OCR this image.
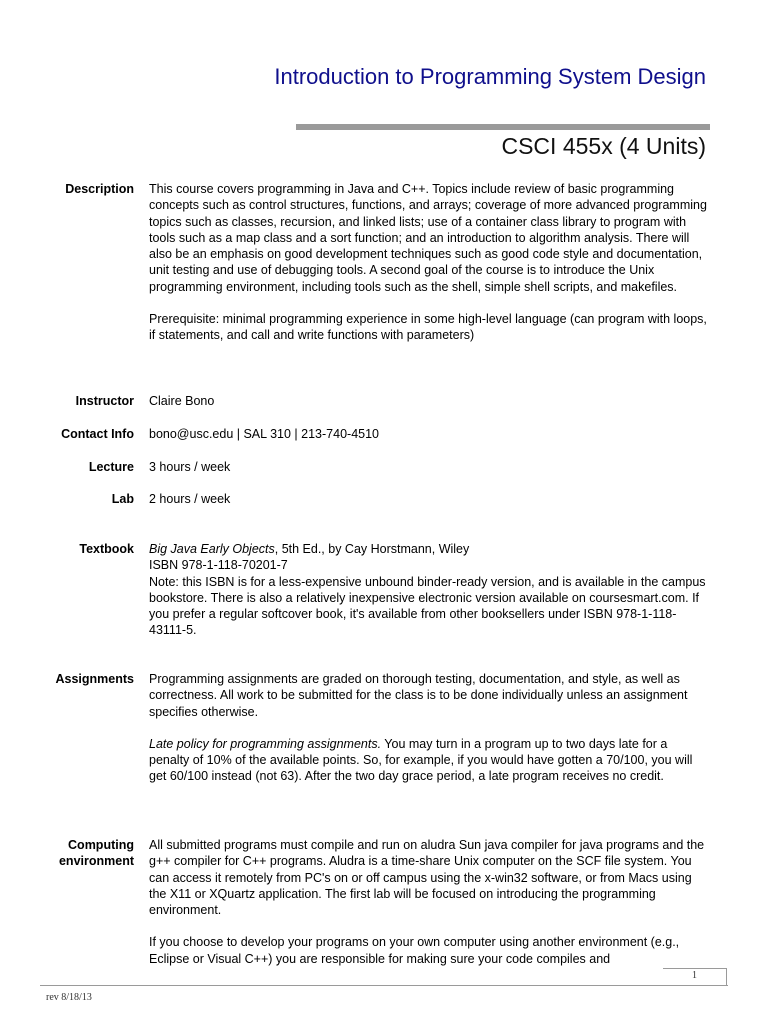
Introduction to Programming System Design
CSCI 455x (4 Units)
Description This course covers programming in Java and C++. Topics include review of basic programming concepts such as control structures, functions, and arrays; coverage of more advanced programming topics such as classes, recursion, and linked lists; use of a container class library to program with tools such as a map class and a sort function; and an introduction to algorithm analysis. There will also be an emphasis on good development techniques such as good code style and documentation, unit testing and use of debugging tools. A second goal of the course is to introduce the Unix programming environment, including tools such as the shell, simple shell scripts, and makefiles.

Prerequisite: minimal programming experience in some high-level language (can program with loops, if statements, and call and write functions with parameters)

Instructor Claire Bono
Contact Info bono@usc.edu | SAL 310 | 213-740-4510
Lecture 3 hours / week
Lab 2 hours / week
Textbook Big Java Early Objects, 5th Ed., by Cay Horstmann, Wiley

ISBN 978-1-118-70201-7
Note: this ISBN is for a less-expensive unbound binder-ready version, and is available in the campus bookstore. There is also a relatively inexpensive electronic version available on coursesmart.com. If you prefer a regular softcover book, it's available from other booksellers under ISBN 978-1-118-43111-5.
Assignments Programming assignments are graded on thorough testing, documentation, and style, as well as correctness. All work to be submitted for the class is to be done individually unless an assignment specifies otherwise.

Late policy for programming assignments. You may turn in a program up to two days late for a penalty of 10% of the available points. So, for example, if you would have gotten a 70/100, you will get 60/100 instead (not 63). After the two day grace period, a late program receives no credit.

Computing
environment

All submitted programs must compile and run on aludra Sun java compiler for java programs and the g++ compiler for C++ programs. Aludra is a time-share Unix computer on the SCF file system. You can access it remotely from PC's on or off campus using the x-win32 software, or from Macs using the X11 or XQuartz application. The first lab will be focused on introducing the programming environment.

If you choose to develop your programs on your own computer using another environment (e.g., Eclipse or Visual C++) you are responsible for making sure your code compiles and

1
rev 8/18/13
